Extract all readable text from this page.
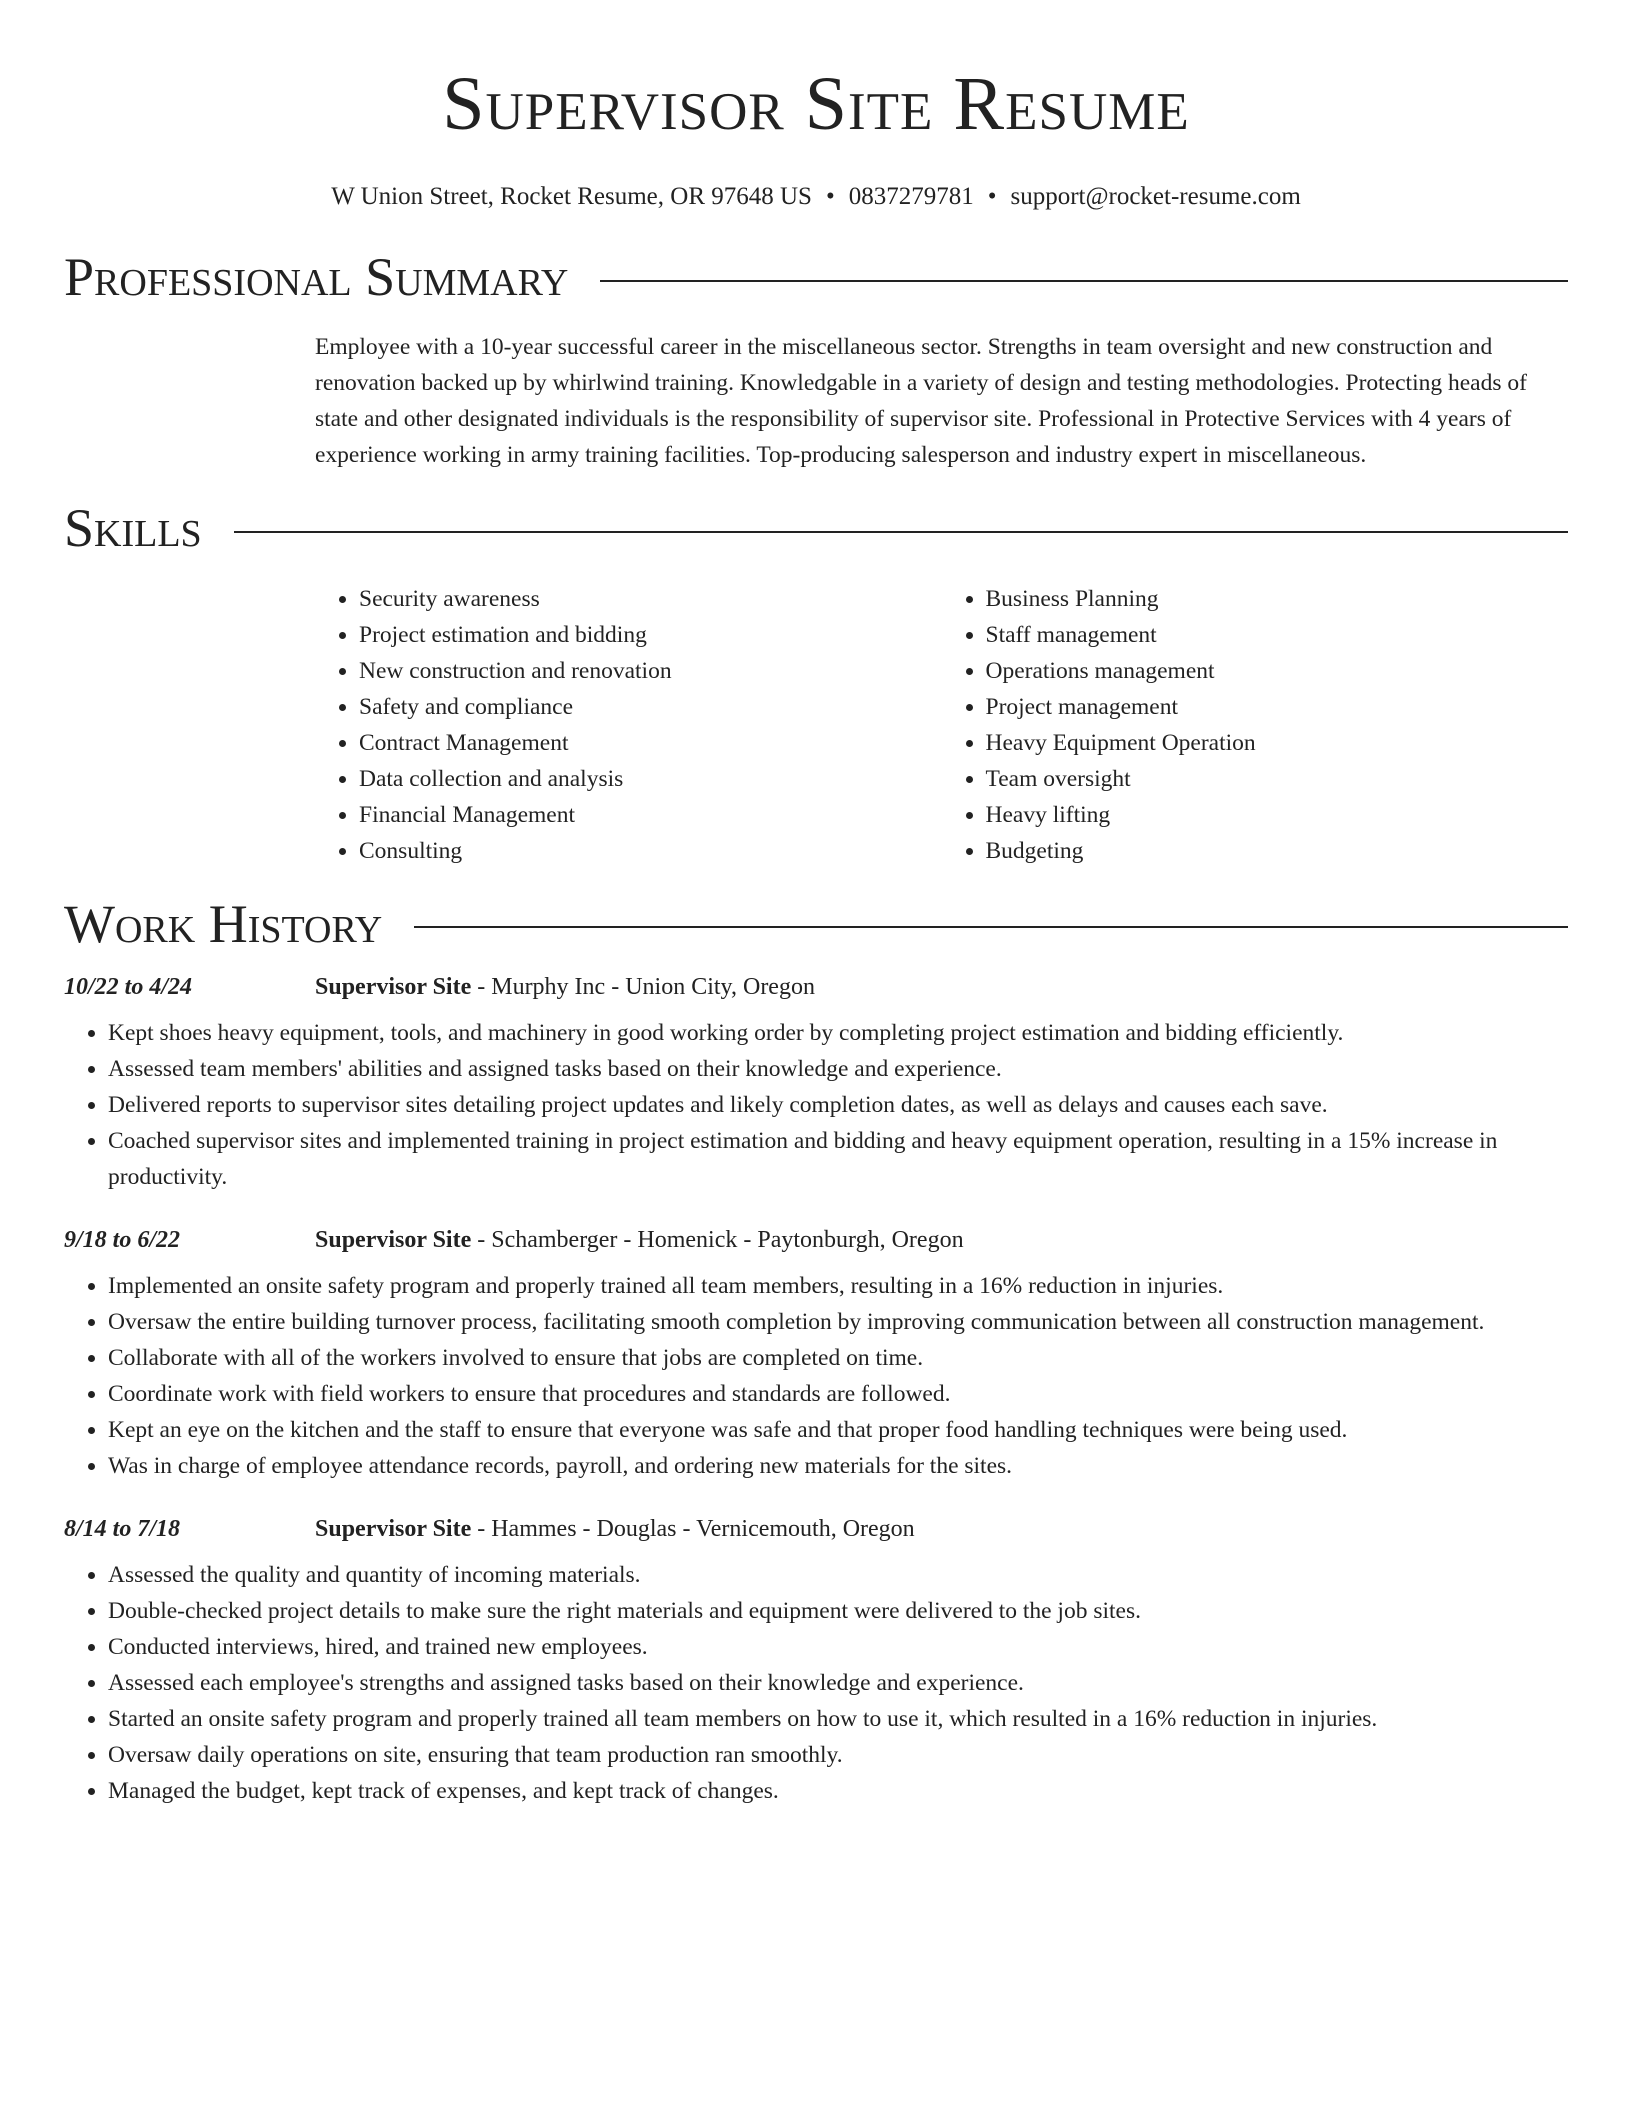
Supervisor Site Resume
W Union Street, Rocket Resume, OR 97648 US • 0837279781 • support@rocket-resume.com
Professional Summary

Employee with a 10-year successful career in the miscellaneous sector. Strengths in team oversight and new construction and renovation backed up by whirlwind training. Knowledgable in a variety of design and testing methodologies. Protecting heads of state and other designated individuals is the responsibility of supervisor site. Professional in Protective Services with 4 years of experience working in army training facilities. Top-producing salesperson and industry expert in miscellaneous.

Skills
• Security awareness
• Project estimation and bidding
• New construction and renovation
• Safety and compliance
• Contract Management
• Data collection and analysis
• Financial Management
• Consulting
• Business Planning
• Staff management
• Operations management
• Project management
• Heavy Equipment Operation
• Team oversight
• Heavy lifting
• Budgeting
Work History
10/22 to 4/24	Supervisor Site - Murphy Inc - Union City, Oregon
• Kept shoes heavy equipment, tools, and machinery in good working order by completing project estimation and bidding efficiently.
• Assessed team members' abilities and assigned tasks based on their knowledge and experience.
• Delivered reports to supervisor sites detailing project updates and likely completion dates, as well as delays and causes each save.
• Coached supervisor sites and implemented training in project estimation and bidding and heavy equipment operation, resulting in a 15% increase in productivity.
9/18 to 6/22	Supervisor Site - Schamberger - Homenick - Paytonburgh, Oregon
• Implemented an onsite safety program and properly trained all team members, resulting in a 16% reduction in injuries.
• Oversaw the entire building turnover process, facilitating smooth completion by improving communication between all construction management.
• Collaborate with all of the workers involved to ensure that jobs are completed on time.
• Coordinate work with field workers to ensure that procedures and standards are followed.
• Kept an eye on the kitchen and the staff to ensure that everyone was safe and that proper food handling techniques were being used.
• Was in charge of employee attendance records, payroll, and ordering new materials for the sites.
8/14 to 7/18	Supervisor Site - Hammes - Douglas - Vernicemouth, Oregon
• Assessed the quality and quantity of incoming materials.
• Double-checked project details to make sure the right materials and equipment were delivered to the job sites.
• Conducted interviews, hired, and trained new employees.
• Assessed each employee's strengths and assigned tasks based on their knowledge and experience.
• Started an onsite safety program and properly trained all team members on how to use it, which resulted in a 16% reduction in injuries.
• Oversaw daily operations on site, ensuring that team production ran smoothly.
• Managed the budget, kept track of expenses, and kept track of changes.
